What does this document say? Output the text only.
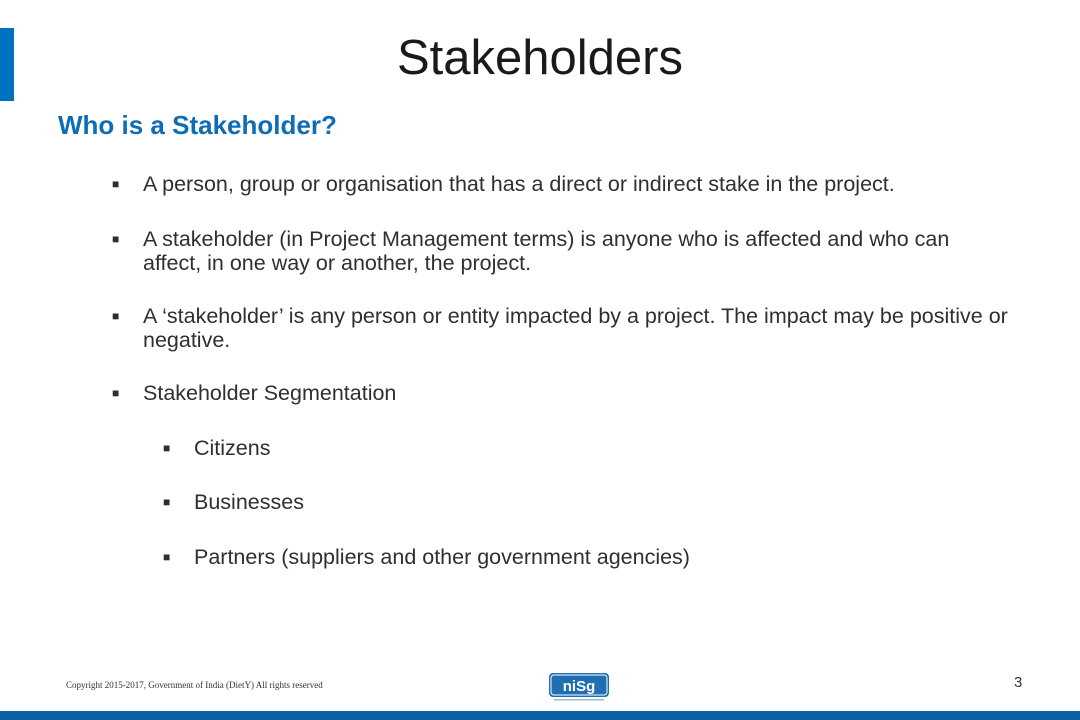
Stakeholders
Who is a Stakeholder?
■	A person, group or organisation that has a direct or indirect stake in the project.
■	A stakeholder (in Project Management terms) is anyone who is affected and who can affect, in one way or another, the project.
■	A ‘stakeholder’ is any person or entity impacted by a project. The impact may be positive or negative.
■	Stakeholder Segmentation
■	Citizens
■	Businesses
■	Partners (suppliers and other government agencies)
Copyright 2015-2017, Government of India (DietY) All rights reserved	niSg	3
